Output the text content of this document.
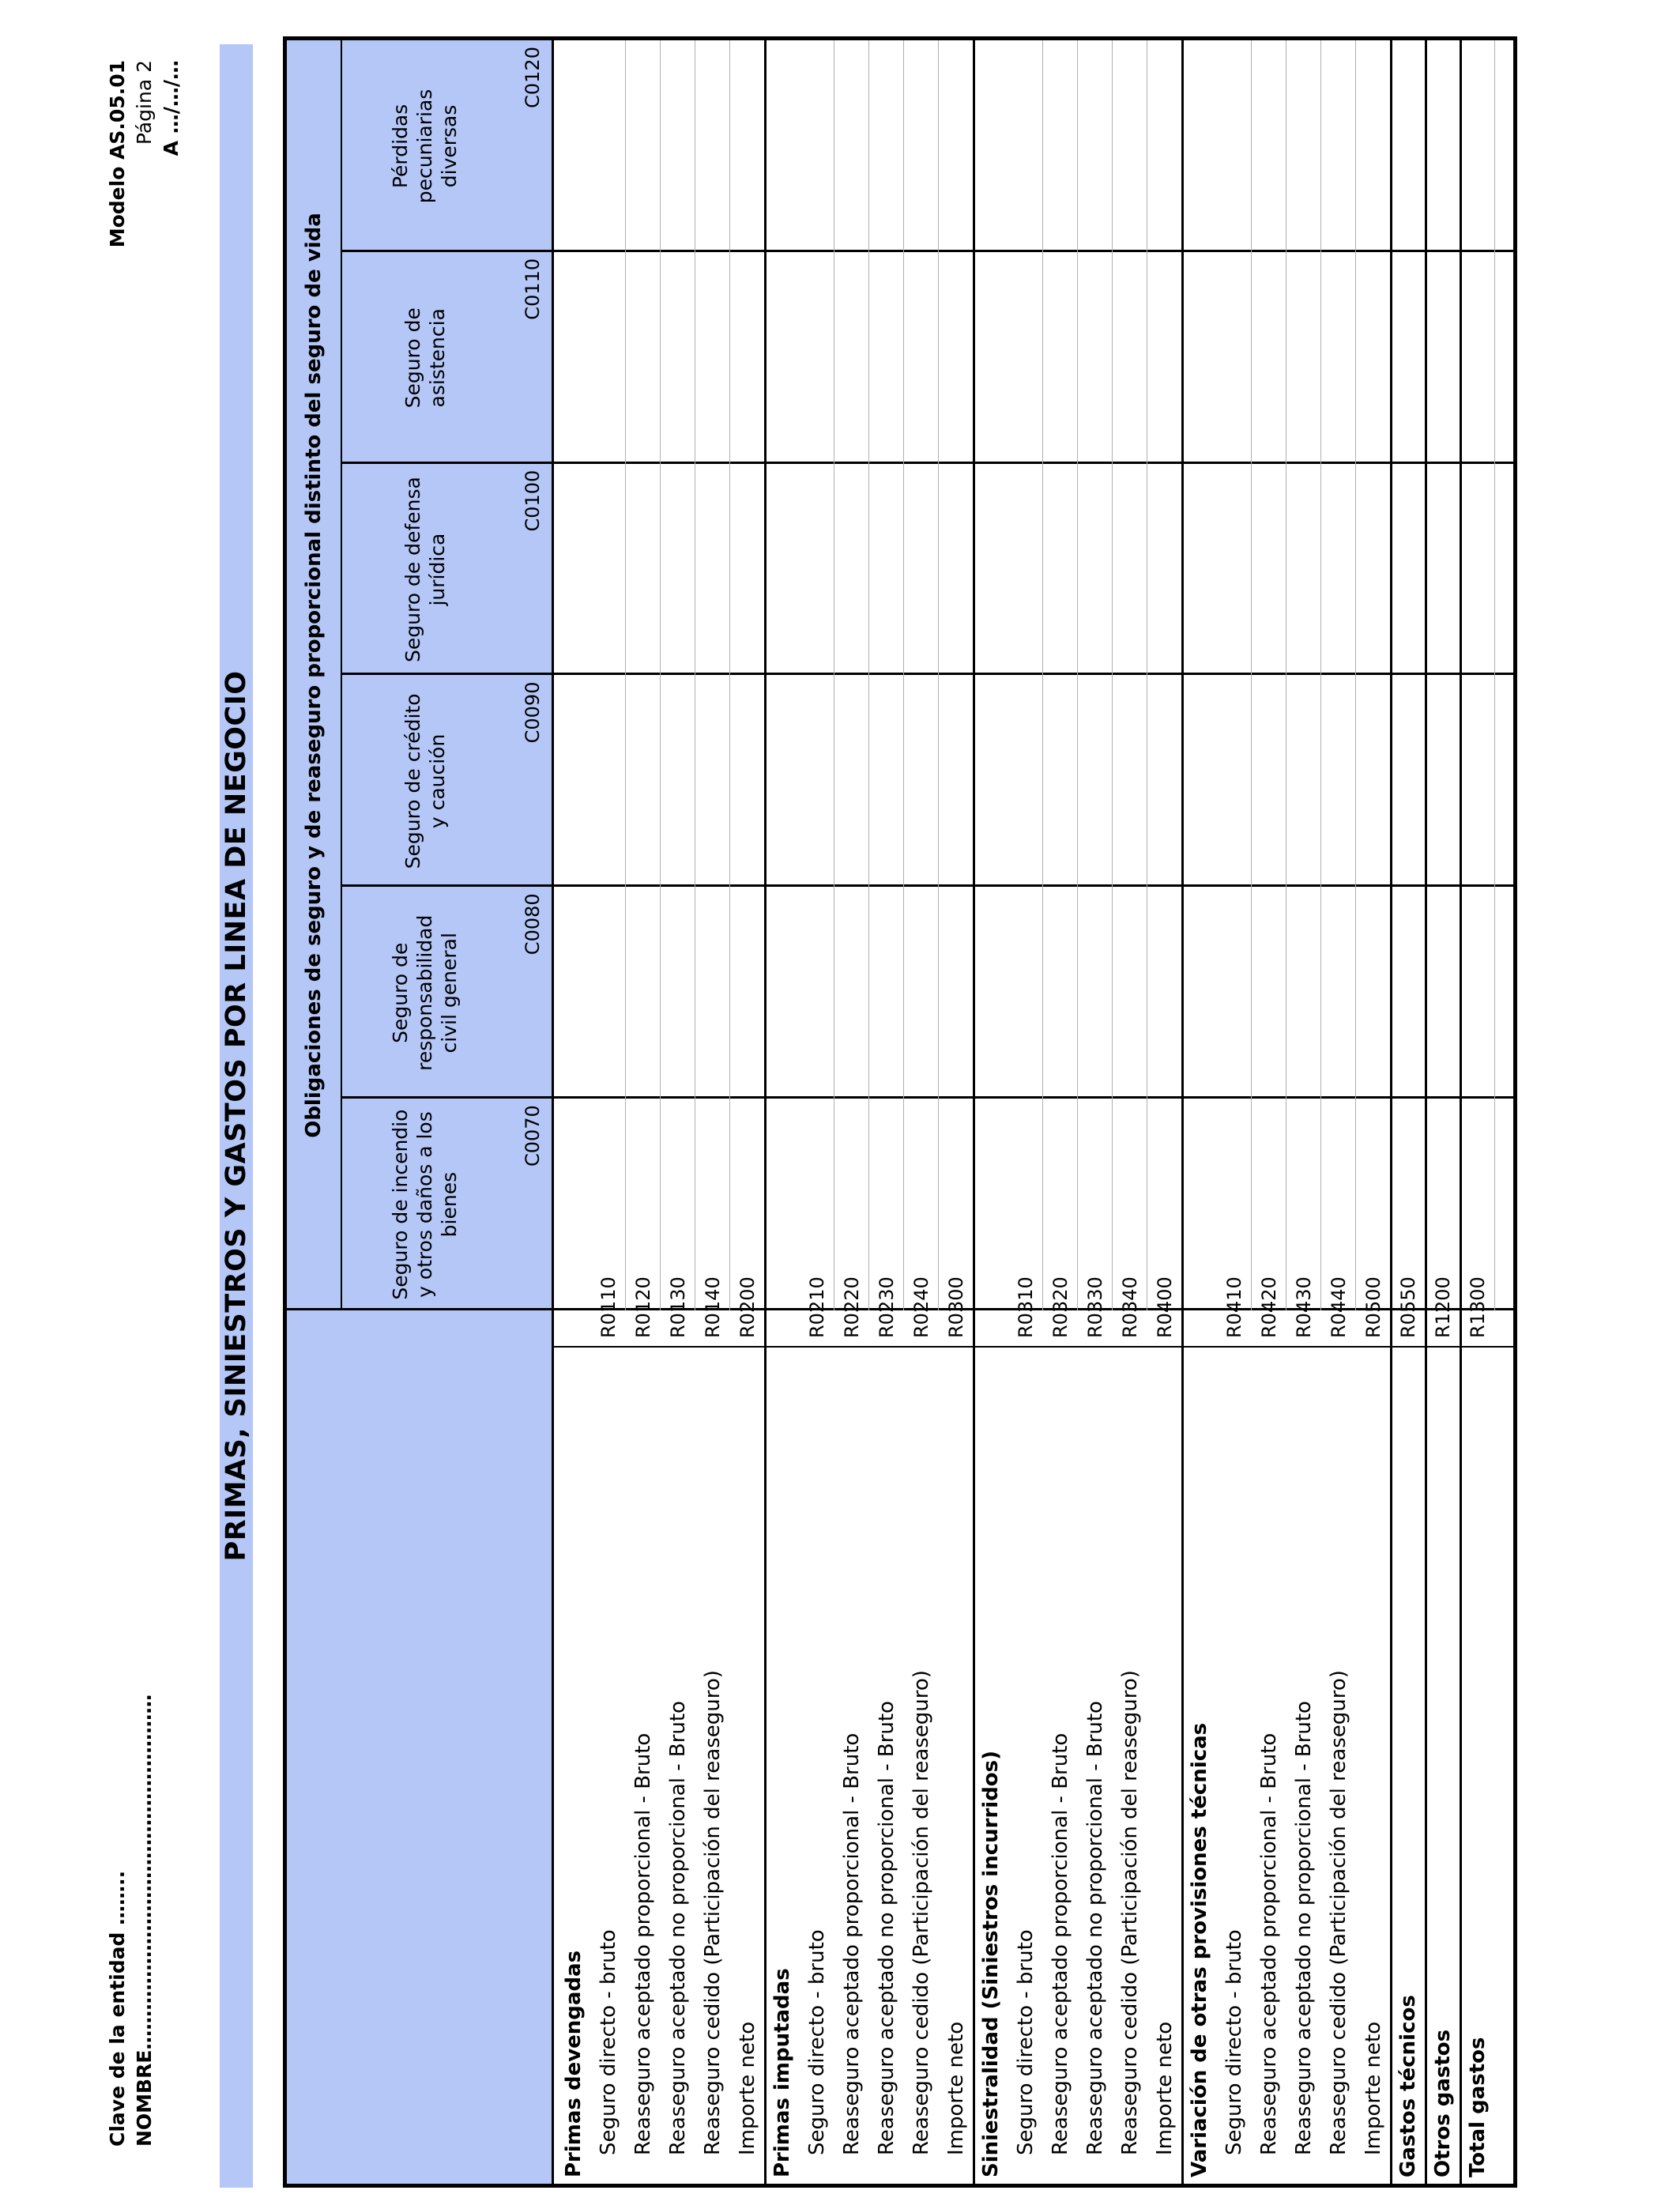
Clave de la entidad …….. NOMBRE………………………………………………
Modelo AS.05.01 Página 2 A …/…/…
PRIMAS, SINIESTROS Y GASTOS POR LINEA DE NEGOCIO	Obligaciones de seguro y de reaseguro proporcional distinto del seguro de vida
Seguro de incendio y otros daños a los bienes
C0070
Seguro de responsabilidad civil general
C0080
Seguro de crédito y caución
C0090
Seguro de defensa jurídica
C0100
Seguro de asistencia
C0110
Pérdidas pecuniarias diversas
C0120
Primas devengadas Seguro directo - bruto
R0110
Reaseguro aceptado proporcional - Bruto
R0120
Reaseguro aceptado no proporcional - Bruto
R0130
Reaseguro cedido (Participación del reaseguro)
R0140
Importe neto
R0200
Primas imputadas Seguro directo - bruto
R0210
Reaseguro aceptado proporcional - Bruto
R0220
Reaseguro aceptado no proporcional - Bruto
R0230
Reaseguro cedido (Participación del reaseguro)
R0240
Importe neto
R0300
Siniestralidad (Siniestros incurridos) Seguro directo - bruto
R0310
Reaseguro aceptado proporcional - Bruto
R0320
Reaseguro aceptado no proporcional - Bruto
R0330
Reaseguro cedido (Participación del reaseguro)
R0340
Importe neto
R0400
Variación de otras provisiones técnicas Seguro directo - bruto
R0410
Reaseguro aceptado proporcional - Bruto
R0420
Reaseguro aceptado no proporcional - Bruto
R0430
Reaseguro cedido (Participación del reaseguro)
R0440
Importe neto
R0500
Gastos técnicos
R0550
Otros gastos
R1200
Total gastos
R1300
